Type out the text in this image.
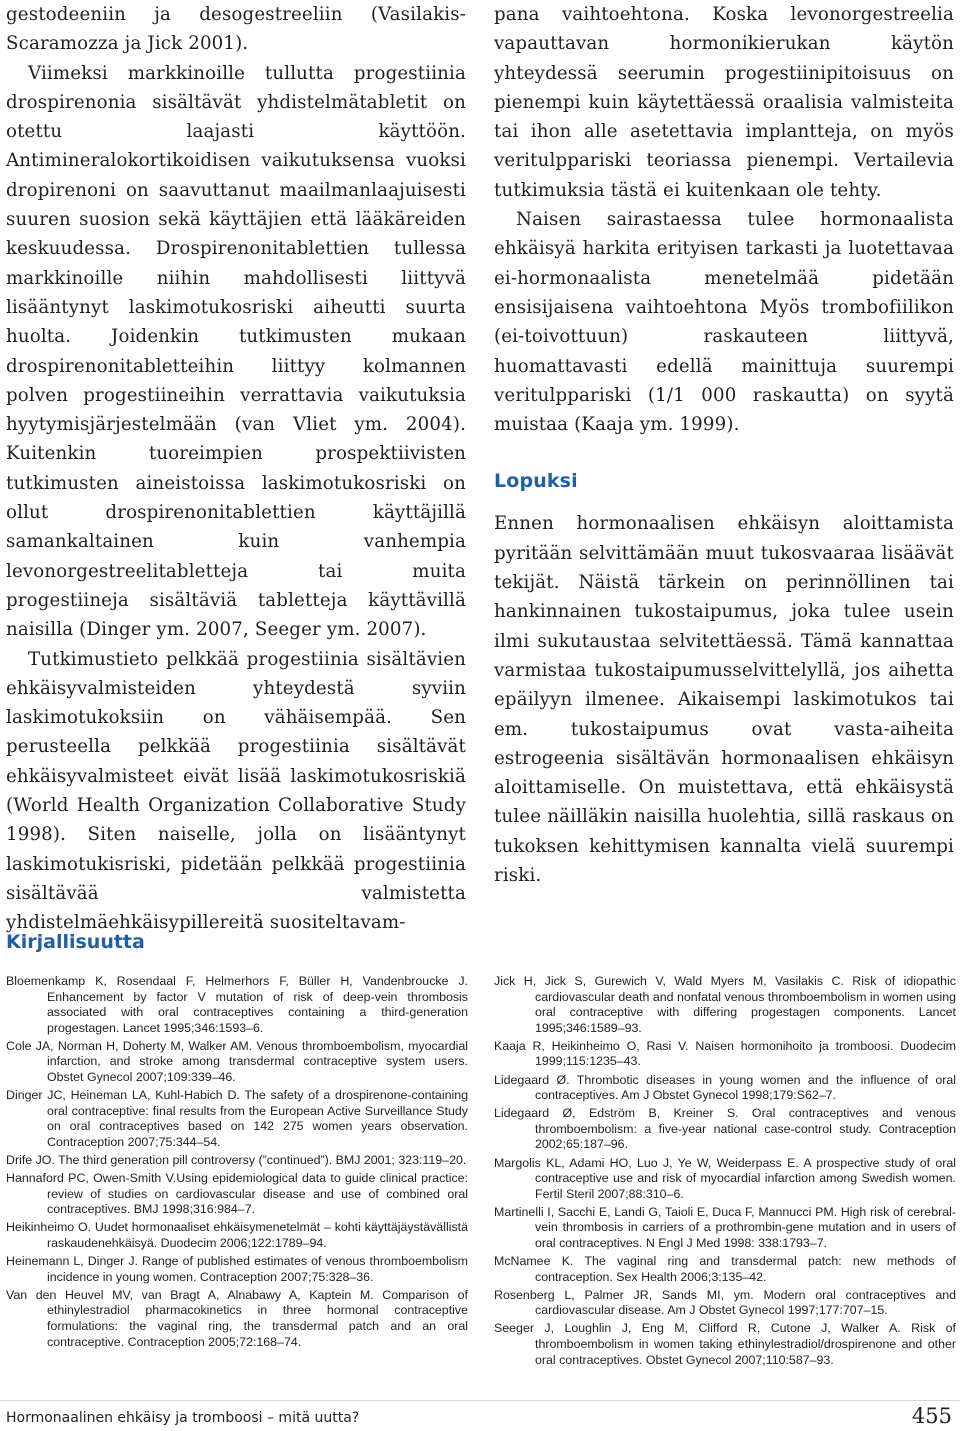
gestodeeniin ja desogestreeliin (Vasilakis-Scaramozza ja Jick 2001).

Viimeksi markkinoille tullutta progestiinia drospirenonia sisältävät yhdistelmätabletit on otettu laajasti käyttöön. Antimineralokortikoidisen vaikutuksensa vuoksi dropirenoni on saavuttanut maailmanlaajuisesti suuren suosion sekä käyttäjien että lääkäreiden keskuudessa. Drospirenonitablettien tullessa markkinoille niihin mahdollisesti liittyvä lisääntynyt laskimotukosriski aiheutti suurta huolta. Joidenkin tutkimusten mukaan drospirenonitabletteihin liittyy kolmannen polven progestiineihin verrattavia vaikutuksia hyytymisjärjestelmään (van Vliet ym. 2004). Kuitenkin tuoreimpien prospektiivisten tutkimusten aineistoissa laskimotukosriski on ollut drospirenonitablettien käyttäjillä samankaltainen kuin vanhempia levonorgestreelitabletteja tai muita progestiineja sisältäviä tabletteja käyttävillä naisilla (Dinger ym. 2007, Seeger ym. 2007).

Tutkimustieto pelkkää progestiinia sisältävien ehkäisyvalmisteiden yhteydestä syviin laskimotukoksiin on vähäisempää. Sen perusteella pelkkää progestiinia sisältävät ehkäisyvalmisteet eivät lisää laskimotukosriskiä (World Health Organization Collaborative Study 1998). Siten naiselle, jolla on lisääntynyt laskimotukisriski, pidetään pelkkää progestiinia sisältävää valmistetta yhdistelmäehkäisypillereitä suositeltavam-

pana vaihtoehtona. Koska levonorgestreelia vapauttavan hormonikierukan käytön yhteydessä seerumin progestiinipitoisuus on pienempi kuin käytettäessä oraalisia valmisteita tai ihon alle asetettavia implantteja, on myös veritulppariski teoriassa pienempi. Vertailevia tutkimuksia tästä ei kuitenkaan ole tehty.

Naisen sairastaessa tulee hormonaalista ehkäisyä harkita erityisen tarkasti ja luotettavaa ei-hormonaalista menetelmää pidetään ensisijaisena vaihtoehtona Myös trombofiilikon (ei-toivottuun) raskauteen liittyvä, huomattavasti edellä mainittuja suurempi veritulppariski (1/1 000 raskautta) on syytä muistaa (Kaaja ym. 1999).

Lopuksi

Ennen hormonaalisen ehkäisyn aloittamista pyritään selvittämään muut tukosvaaraa lisäävät tekijät. Näistä tärkein on perinnöllinen tai hankinnainen tukostaipumus, joka tulee usein ilmi sukutaustaa selvitettäessä. Tämä kannattaa varmistaa tukostaipumusselvittelyllä, jos aihetta epäilyyn ilmenee. Aikaisempi laskimotukos tai em. tukostaipumus ovat vasta-aiheita estrogeenia sisältävän hormonaalisen ehkäisyn aloittamiselle. On muistettava, että ehkäisystä tulee näilläkin naisilla huolehtia, sillä raskaus on tukoksen kehittymisen kannalta vielä suurempi riski.

Kirjallisuutta

Bloemenkamp K, Rosendaal F, Helmerhors F, Büller H, Vandenbroucke J. Enhancement by factor V mutation of risk of deep-vein thrombosis associated with oral contraceptives containing a third-generation progestagen. Lancet 1995;346:1593–6.

Cole JA, Norman H, Doherty M, Walker AM. Venous thromboembolism, myocardial infarction, and stroke among transdermal contraceptive system users. Obstet Gynecol 2007;109:339–46.

Dinger JC, Heineman LA, Kuhl-Habich D. The safety of a drospirenone-containing oral contraceptive: final results from the European Active Surveillance Study on oral contraceptives based on 142 275 women years observation. Contraception 2007;75:344–54.

Drife JO. The third generation pill controversy (”continued”). BMJ 2001; 323:119–20.

Hannaford PC, Owen-Smith V.Using epidemiological data to guide clinical practice: review of studies on cardiovascular disease and use of combined oral contraceptives. BMJ 1998;316:984–7.

Heikinheimo O. Uudet hormonaaliset ehkäisymenetelmät – kohti käyttäjäystävällistä raskaudenehkäisyä. Duodecim 2006;122:1789–94.

Heinemann L, Dinger J. Range of published estimates of venous thromboembolism incidence in young women. Contraception 2007;75:328–36.

Van den Heuvel MV, van Bragt A, Alnabawy A, Kaptein M. Comparison of ethinylestradiol pharmacokinetics in three hormonal contraceptive formulations: the vaginal ring, the transdermal patch and an oral contraceptive. Contraception 2005;72:168–74.

Jick H, Jick S, Gurewich V, Wald Myers M, Vasilakis C. Risk of idiopathic cardiovascular death and nonfatal venous thromboembolism in women using oral contraceptive with differing progestagen components. Lancet 1995;346:1589–93.

Kaaja R, Heikinheimo O, Rasi V. Naisen hormonihoito ja tromboosi. Duodecim 1999;115:1235–43.

Lidegaard Ø. Thrombotic diseases in young women and the influence of oral contraceptives. Am J Obstet Gynecol 1998;179:S62–7.

Lidegaard Ø, Edström B, Kreiner S. Oral contraceptives and venous thromboembolism: a five-year national case-control study. Contraception 2002;65:187–96.

Margolis KL, Adami HO, Luo J, Ye W, Weiderpass E. A prospective study of oral contraceptive use and risk of myocardial infarction among Swedish women. Fertil Steril 2007;88:310–6.

Martinelli I, Sacchi E, Landi G, Taioli E, Duca F, Mannucci PM. High risk of cerebral-vein thrombosis in carriers of a prothrombin-gene mutation and in users of oral contraceptives. N Engl J Med 1998: 338:1793–7.

McNamee K. The vaginal ring and transdermal patch: new methods of contraception. Sex Health 2006;3:135–42.

Rosenberg L, Palmer JR, Sands MI, ym. Modern oral contraceptives and cardiovascular disease. Am J Obstet Gynecol 1997;177:707–15.

Seeger J, Loughlin J, Eng M, Clifford R, Cutone J, Walker A. Risk of thromboembolism in women taking ethinylestradiol/drospirenone and other oral contraceptives. Obstet Gynecol 2007;110:587–93.

Hormonaalinen ehkäisy ja tromboosi – mitä uutta?	455
